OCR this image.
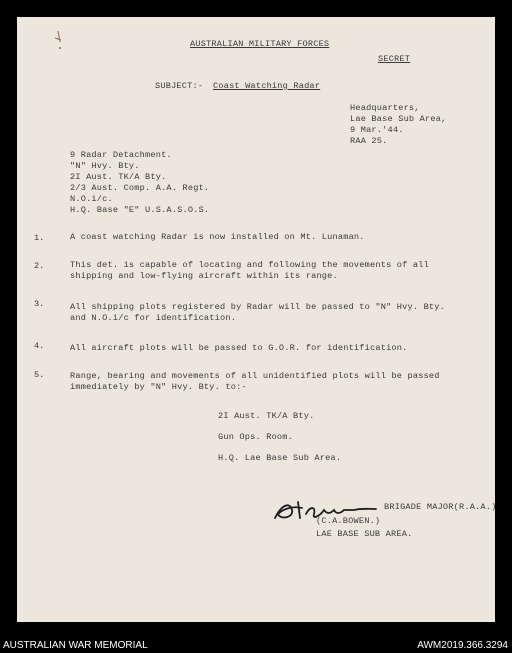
AUSTRALIAN MILITARY FORCES
SECRET
SUBJECT:- Coast Watching Radar
Headquarters,
Lae Base Sub Area,
9 Mar.'44.
RAA 25.
9 Radar Detachment.
"N" Hvy. Bty.
2I Aust. TK/A Bty.
2/3 Aust. Comp. A.A. Regt.
N.O.i/c.
H.Q. Base "E" U.S.A.S.O.S.
1.	A coast watching Radar is now installed on Mt. Lunaman.
2.	This det. is capable of locating and following the movements of all
shipping and low-flying aircraft within its range.
3.	All shipping plots registered by Radar will be passed to "N" Hvy. Bty.
and N.O.i/c for identification.
4.	All aircraft plots will be passed to G.O.R. for identification.
5.	Range, bearing and movements of all unidentified plots will be passed
immediately by "N" Hvy. Bty. to:-
2I Aust. TK/A Bty.
Gun Ops. Room.
H.Q. Lae Base Sub Area.
BRIGADE MAJOR(R.A.A.)
(C.A.BOWEN.)
LAE BASE SUB AREA.
AUSTRALIAN WAR MEMORIAL	AWM2019.366.3294
